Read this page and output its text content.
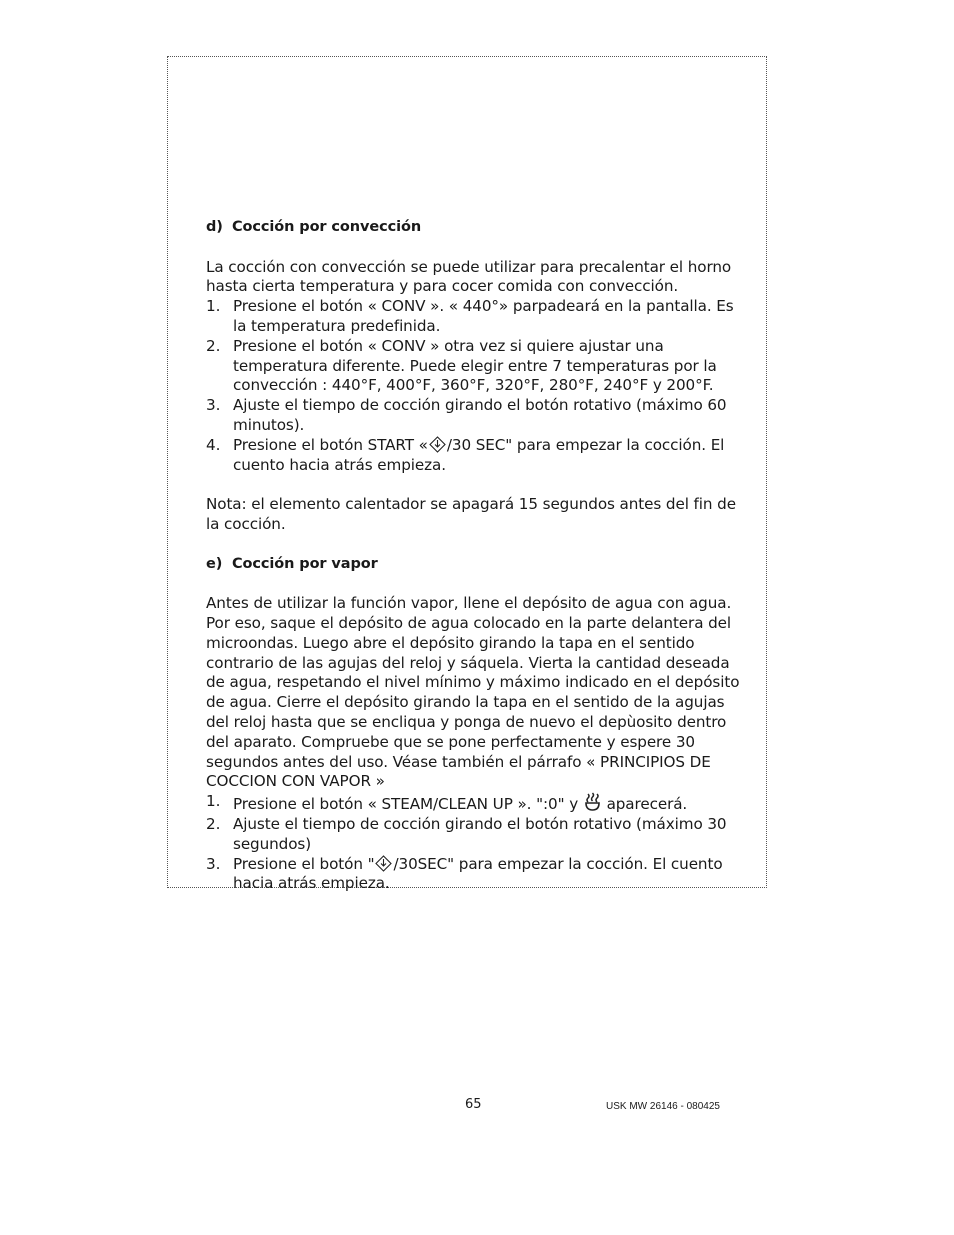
d) Cocción por convección

La cocción con convección se puede utilizar para precalentar el horno hasta cierta temperatura y para cocer comida con convección.

1. Presione el botón « CONV ». « 440°» parpadeará en la pantalla. Es la temperatura predefinida.
2. Presione el botón « CONV » otra vez si quiere ajustar una temperatura diferente. Puede elegir entre 7 temperaturas por la convección : 440°F, 400°F, 360°F, 320°F, 280°F, 240°F y 200°F.
3. Ajuste el tiempo de cocción girando el botón rotativo (máximo 60 minutos).
4. Presione el botón START « /30 SEC" para empezar la cocción. El cuento hacia atrás empieza.

Nota: el elemento calentador se apagará 15 segundos antes del fin de la cocción.

e) Cocción por vapor

Antes de utilizar la función vapor, llene el depósito de agua con agua. Por eso, saque el depósito de agua colocado en la parte delantera del microondas. Luego abre el depósito girando la tapa en el sentido contrario de las agujas del reloj y sáquela. Vierta la cantidad deseada de agua, respetando el nivel mínimo y máximo indicado en el depósito de agua. Cierre el depósito girando la tapa en el sentido de la agujas del reloj hasta que se encliqua y ponga de nuevo el depùosito dentro del aparato. Compruebe que se pone perfectamente y espere 30 segundos antes del uso. Véase también el párrafo « PRINCIPIOS DE COCCION CON VAPOR »

1. Presione el botón « STEAM/CLEAN UP ». ":0" y aparecerá.
2. Ajuste el tiempo de cocción girando el botón rotativo (máximo 30 segundos)
3. Presione el botón " /30SEC" para empezar la cocción. El cuento hacia atrás empieza.
65	USK MW 26146 - 080425
